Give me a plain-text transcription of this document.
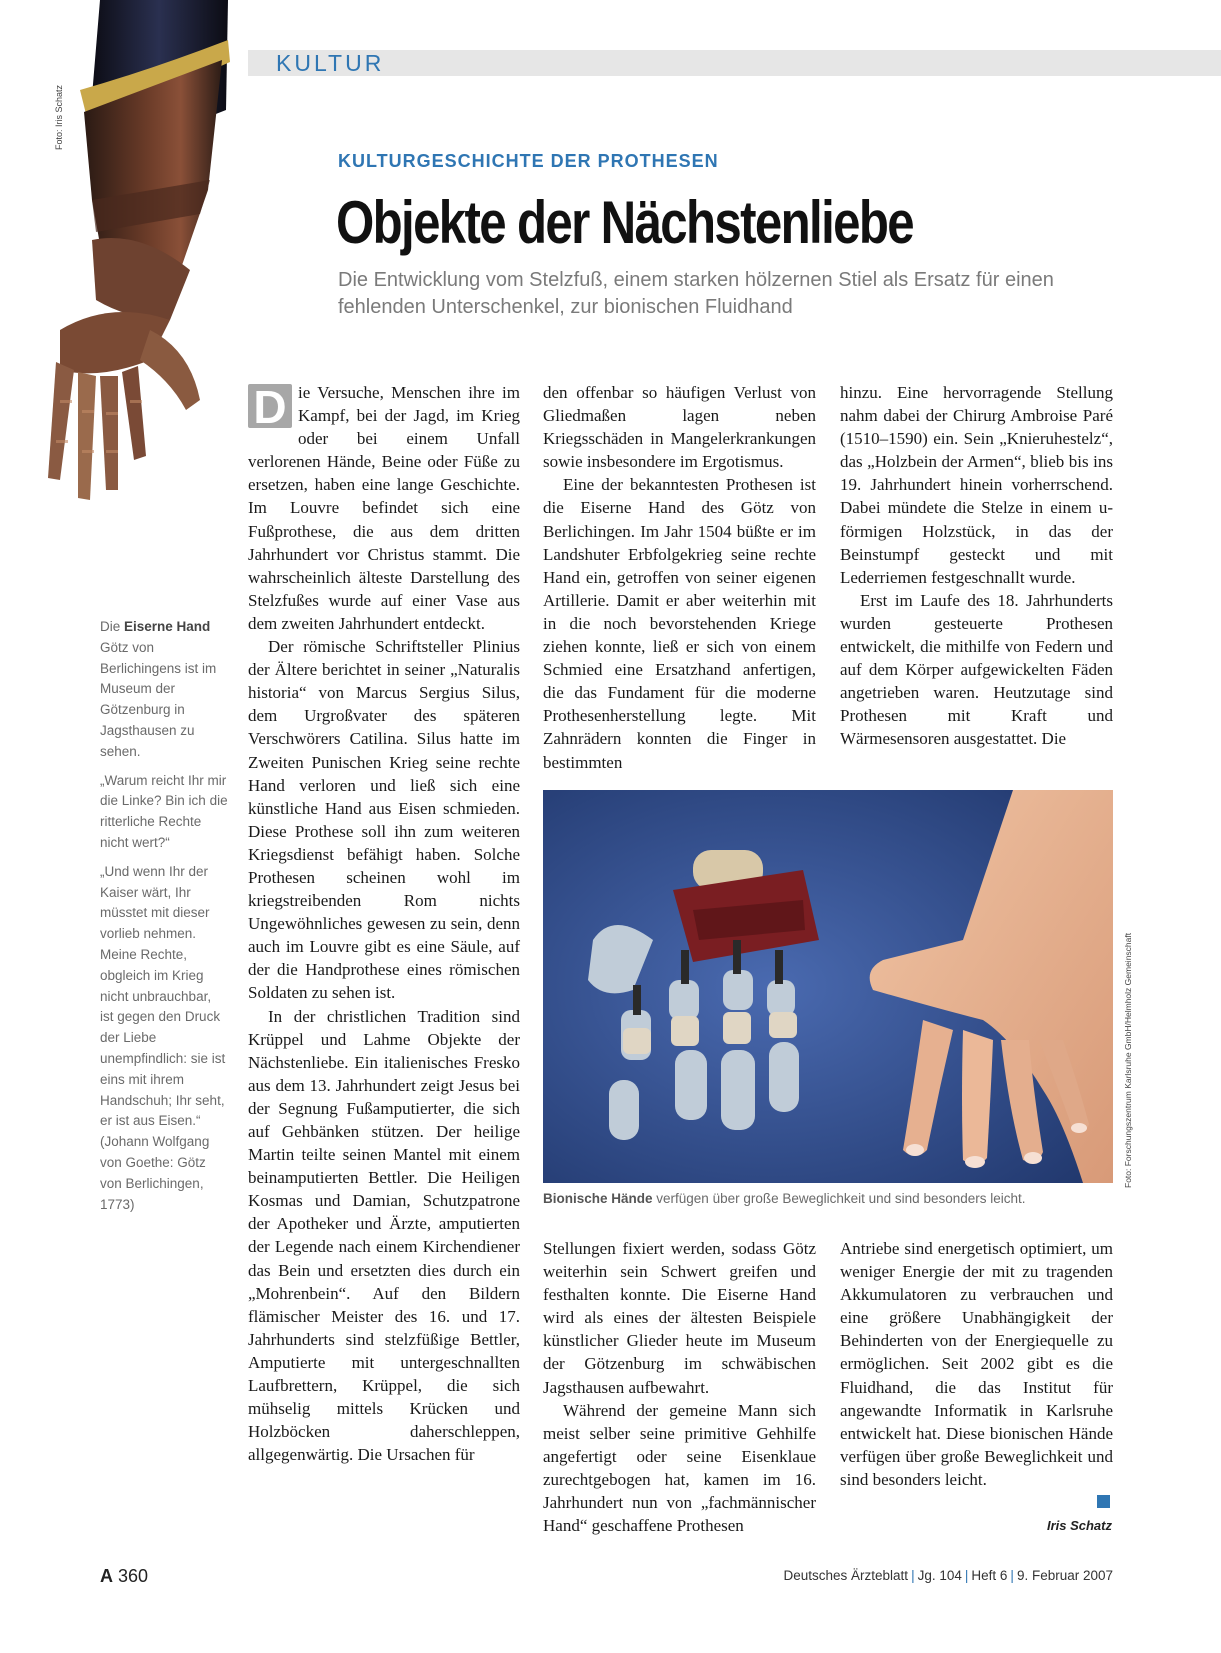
KULTUR
Foto: Iris Schatz
KULTURGESCHICHTE DER PROTHESEN
Objekte der Nächstenliebe
Die Entwicklung vom Stelzfuß, einem starken hölzernen Stiel als Ersatz für einen fehlenden Unterschenkel, zur bionischen Fluidhand

Die Eiserne Hand Götz von Berlichingens ist im Museum der Götzenburg in Jagsthausen zu sehen.

„Warum reicht Ihr mir die Linke? Bin ich die ritterliche Rechte nicht wert?“

„Und wenn Ihr der Kaiser wärt, Ihr müsstet mit dieser vorlieb nehmen. Meine Rechte, obgleich im Krieg nicht unbrauchbar, ist gegen den Druck der Liebe unempfindlich: sie ist eins mit ihrem Handschuh; Ihr seht, er ist aus Eisen.“ (Johann Wolfgang von Goethe: Götz von Berlichingen, 1773)

D ie Versuche, Menschen ihre im Kampf, bei der Jagd, im Krieg oder bei einem Unfall verlorenen Hände, Beine oder Füße zu ersetzen, haben eine lange Geschichte. Im Louvre befindet sich eine Fußprothese, die aus dem dritten Jahrhundert vor Christus stammt. Die wahrscheinlich älteste Darstellung des Stelzfußes wurde auf einer Vase aus dem zweiten Jahrhundert entdeckt.

Der römische Schriftsteller Plinius der Ältere berichtet in seiner „Naturalis historia“ von Marcus Sergius Silus, dem Urgroßvater des späteren Verschwörers Catilina. Silus hatte im Zweiten Punischen Krieg seine rechte Hand verloren und ließ sich eine künstliche Hand aus Eisen schmieden. Diese Prothese soll ihn zum weiteren Kriegsdienst befähigt haben. Solche Prothesen scheinen wohl im kriegstreibenden Rom nichts Ungewöhnliches gewesen zu sein, denn auch im Louvre gibt es eine Säule, auf der die Handprothese eines römischen Soldaten zu sehen ist.

In der christlichen Tradition sind Krüppel und Lahme Objekte der Nächstenliebe. Ein italienisches Fresko aus dem 13. Jahrhundert zeigt Jesus bei der Segnung Fußamputierter, die sich auf Gehbänken stützen. Der heilige Martin teilte seinen Mantel mit einem beinamputierten Bettler. Die Heiligen Kosmas und Damian, Schutzpatrone der Apotheker und Ärzte, amputierten der Legende nach einem Kirchendiener das Bein und ersetzten dies durch ein „Mohrenbein“. Auf den Bildern flämischer Meister des 16. und 17. Jahrhunderts sind stelzfüßige Bettler, Amputierte mit untergeschnallten Laufbrettern, Krüppel, die sich mühselig mittels Krücken und Holzböcken daherschleppen, allgegenwärtig. Die Ursachen für

den offenbar so häufigen Verlust von Gliedmaßen lagen neben Kriegsschäden in Mangelerkrankungen sowie insbesondere im Ergotismus.

Eine der bekanntesten Prothesen ist die Eiserne Hand des Götz von Berlichingen. Im Jahr 1504 büßte er im Landshuter Erbfolgekrieg seine rechte Hand ein, getroffen von seiner eigenen Artillerie. Damit er aber weiterhin mit in die noch bevorstehenden Kriege ziehen konnte, ließ er sich von einem Schmied eine Ersatzhand anfertigen, die das Fundament für die moderne Prothesenherstellung legte. Mit Zahnrädern konnten die Finger in bestimmten

hinzu. Eine hervorragende Stellung nahm dabei der Chirurg Ambroise Paré (1510–1590) ein. Sein „Knieruhestelz“, das „Holzbein der Armen“, blieb bis ins 19. Jahrhundert hinein vorherrschend. Dabei mündete die Stelze in einem u-förmigen Holzstück, in das der Beinstumpf gesteckt und mit Lederriemen festgeschnallt wurde.

Erst im Laufe des 18. Jahrhunderts wurden gesteuerte Prothesen entwickelt, die mithilfe von Federn und auf dem Körper aufgewickelten Fäden angetrieben waren. Heutzutage sind Prothesen mit Kraft und Wärmesensoren ausgestattet. Die

Foto: Forschungszentrum Karlsruhe GmbH/Helmholz Gemeinschaft
Bionische Hände verfügen über große Beweglichkeit und sind besonders leicht.

Stellungen fixiert werden, sodass Götz weiterhin sein Schwert greifen und festhalten konnte. Die Eiserne Hand wird als eines der ältesten Beispiele künstlicher Glieder heute im Museum der Götzenburg im schwäbischen Jagsthausen aufbewahrt.

Während der gemeine Mann sich meist selber seine primitive Gehhilfe angefertigt oder seine Eisenklaue zurechtgebogen hat, kamen im 16. Jahrhundert nun von „fachmännischer Hand“ geschaffene Prothesen

Antriebe sind energetisch optimiert, um weniger Energie der mit zu tragenden Akkumulatoren zu verbrauchen und eine größere Unabhängigkeit der Behinderten von der Energiequelle zu ermöglichen. Seit 2002 gibt es die Fluidhand, die das Institut für angewandte Informatik in Karlsruhe entwickelt hat. Diese bionischen Hände verfügen über große Beweglichkeit und sind besonders leicht.

Iris Schatz
A 360	Deutsches Ärzteblatt | Jg. 104 | Heft 6 | 9. Februar 2007
